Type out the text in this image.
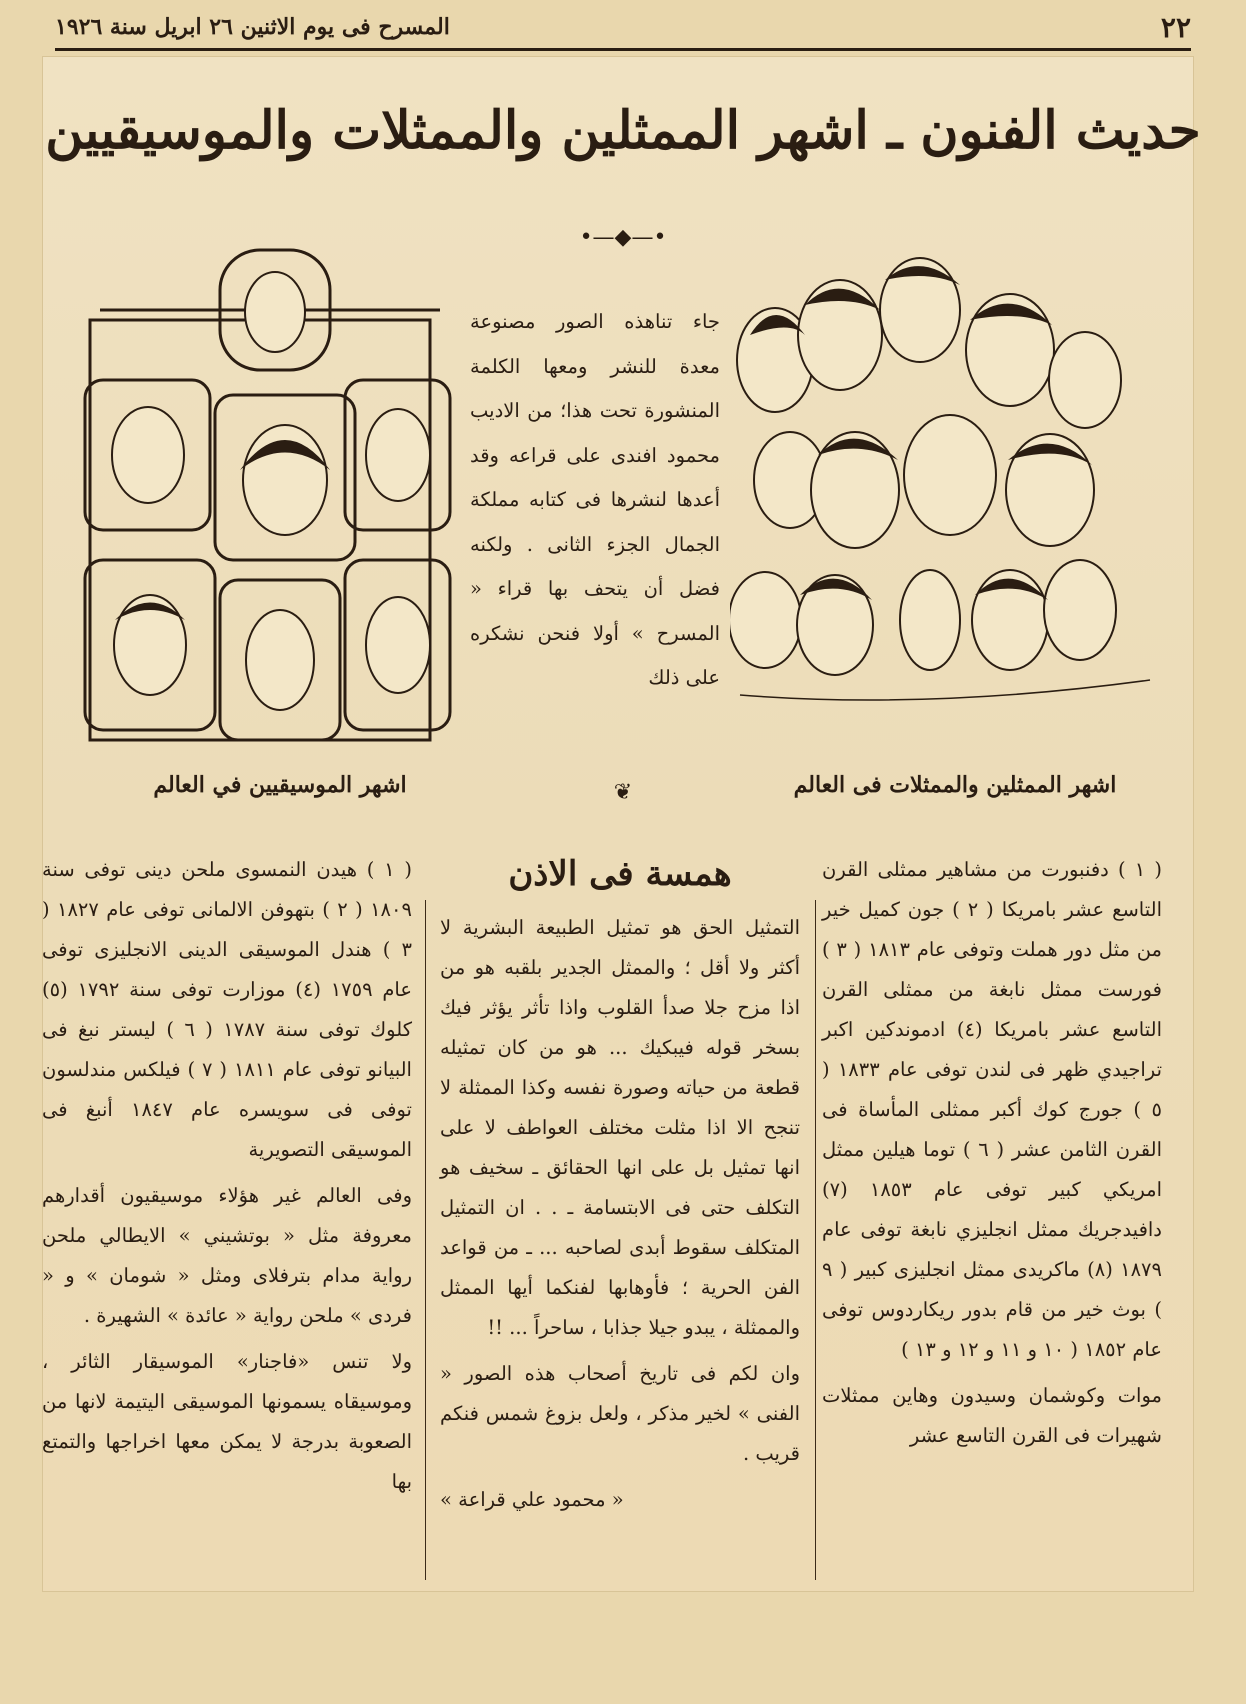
٢٢
المسرح فى يوم الاثنين ٢٦ ابريل سنة ١٩٢٦
حديث الفنون ـ اشهر الممثلين والممثلات والموسيقيين
•—◆—•
اشهر الممثلين والممثلات فى العالم
اشهر الموسيقيين في العالم

جاء تناهذه الصور مصنوعة معدة للنشر ومعها الكلمة المنشورة تحت هذا؛ من الاديب محمود افندى على قراعه وقد أعدها لنشرها فى كتابه مملكة الجمال الجزء الثانى . ولكنه فضل أن يتحف بها قراء « المسرح » أولا فنحن نشكره على ذلك

❦

( ١ ) دفنبورت من مشاهير ممثلى القرن التاسع عشر بامريكا ( ٢ ) جون كميل خير من مثل دور هملت وتوفى عام ١٨١٣ ( ٣ ) فورست ممثل نابغة من ممثلى القرن التاسع عشر بامريكا (٤) ادموندكين اكبر تراجيدي ظهر فى لندن توفى عام ١٨٣٣ ( ٥ ) جورج كوك أكبر ممثلى المأساة فى القرن الثامن عشر ( ٦ ) توما هيلين ممثل امريكي كبير توفى عام ١٨٥٣ (٧) دافيدجريك ممثل انجليزي نابغة توفى عام ١٨٧٩ (٨) ماكريدى ممثل انجليزى كبير ( ٩ ) بوث خير من قام بدور ريكاردوس توفى عام ١٨٥٢ ( ١٠ و ١١ و ١٢ و ١٣ )

موات وكوشمان وسيدون وهاين ممثلات شهيرات فى القرن التاسع عشر

همسة فى الاذن

التمثيل الحق هو تمثيل الطبيعة البشرية لا أكثر ولا أقل ؛ والممثل الجدير بلقبه هو من اذا مزح جلا صدأ القلوب واذا تأثر يؤثر فيك بسخر قوله فيبكيك ... هو من كان تمثيله قطعة من حياته وصورة نفسه وكذا الممثلة لا تنجح الا اذا مثلت مختلف العواطف لا على انها تمثيل بل على انها الحقائق ـ سخيف هو التكلف حتى فى الابتسامة ـ . . ان التمثيل المتكلف سقوط أبدى لصاحبه ... ـ من قواعد الفن الحرية ؛ فأوهابها لفنكما أيها الممثل والممثلة ، يبدو جيلا جذابا ، ساحراً ... !!

وان لكم فى تاريخ أصحاب هذه الصور « الفنى » لخير مذكر ، ولعل بزوغ شمس فنكم قريب .

« محمود علي قراعة »

( ١ ) هيدن النمسوى ملحن دينى توفى سنة ١٨٠٩ ( ٢ ) بتهوفن الالمانى توفى عام ١٨٢٧ ( ٣ ) هندل الموسيقى الدينى الانجليزى توفى عام ١٧٥٩ (٤) موزارت توفى سنة ١٧٩٢ (٥) كلوك توفى سنة ١٧٨٧ ( ٦ ) ليستر نبغ فى البيانو توفى عام ١٨١١ ( ٧ ) فيلكس مندلسون توفى فى سويسره عام ١٨٤٧ أنبغ فى الموسيقى التصويرية

وفى العالم غير هؤلاء موسيقيون أقدارهم معروفة مثل « بوتشيني » الايطالي ملحن رواية مدام بترفلاى ومثل « شومان » و « فردى » ملحن رواية « عائدة » الشهيرة .

ولا تنس «فاجنار» الموسيقار الثائر ، وموسيقاه يسمونها الموسيقى اليتيمة لانها من الصعوبة بدرجة لا يمكن معها اخراجها والتمتع بها
